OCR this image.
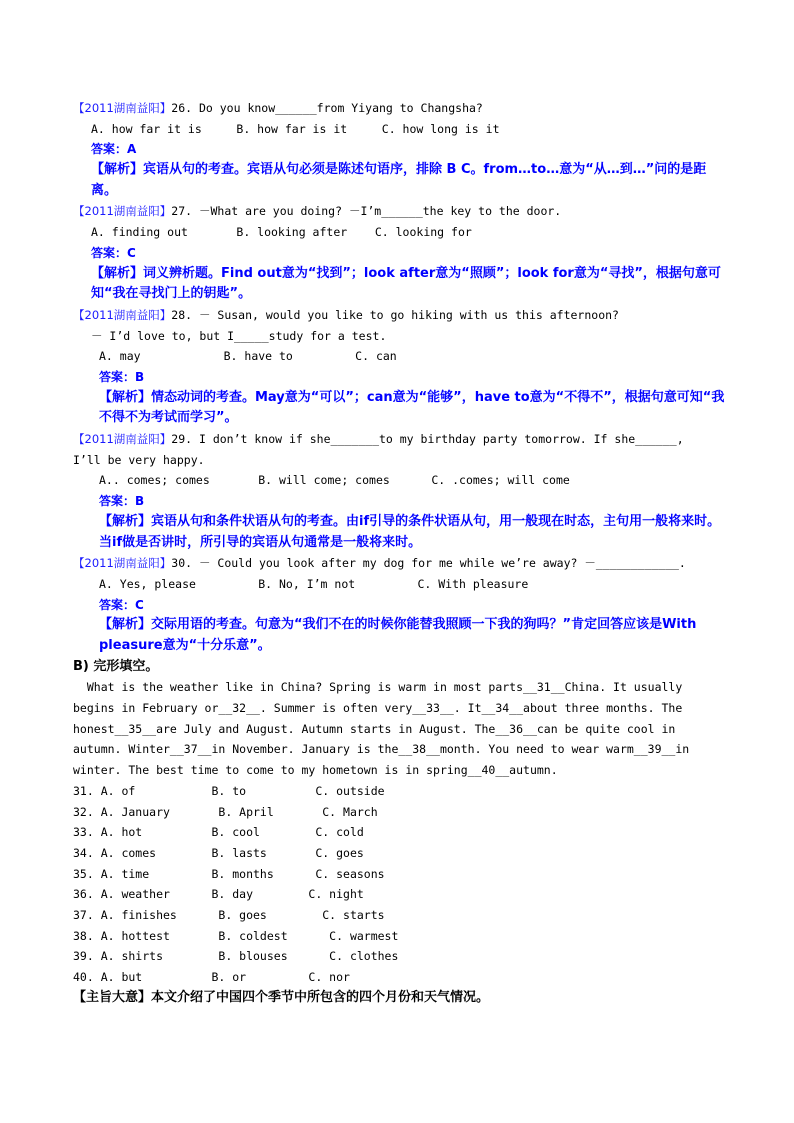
【2011湖南益阳】26. Do you know______from Yiyang to Changsha?
A. how far it is     B. how far is it     C. how long is it
答案：A
【解析】宾语从句的考查。宾语从句必须是陈述句语序，排除 B C。from…to…意为“从…到…”问的是距离。
【2011湖南益阳】27. －What are you doing? －I’m______the key to the door.
A. finding out       B. looking after    C. looking for
答案：C
【解析】词义辨析题。Find out意为“找到”；look after意为“照顾”；look for意为“寻找”，根据句意可知“我在寻找门上的钥匙”。
【2011湖南益阳】28. － Susan, would you like to go hiking with us this afternoon?
－ I’d love to, but I_____study for a test.
A. may            B. have to         C. can
答案：B
【解析】情态动词的考查。May意为“可以”；can意为“能够”，have to意为“不得不”，根据句意可知“我不得不为考试而学习”。
【2011湖南益阳】29. I don’t know if she_______to my birthday party tomorrow. If she______,
I’ll be very happy.
A.. comes; comes       B. will come; comes      C. .comes; will come
答案：B
【解析】宾语从句和条件状语从句的考查。由if引导的条件状语从句，用一般现在时态，主句用一般将来时。当if做是否讲时，所引导的宾语从句通常是一般将来时。
【2011湖南益阳】30. － Could you look after my dog for me while we’re away? －____________.
A. Yes, please         B. No, I’m not         C. With pleasure
答案：C
【解析】交际用语的考查。句意为“我们不在的时候你能替我照顾一下我的狗吗？”肯定回答应该是With pleasure意为“十分乐意”。
B) 完形填空。
What is the weather like in China? Spring is warm in most parts__31__China. It usually
begins in February or__32__. Summer is often very__33__. It__34__about three months. The
honest__35__are July and August. Autumn starts in August. The__36__can be quite cool in
autumn. Winter__37__in November. January is the__38__month. You need to wear warm__39__in
winter. The best time to come to my hometown is in spring__40__autumn.
31. A. of           B. to          C. outside
32. A. January       B. April       C. March
33. A. hot          B. cool        C. cold
34. A. comes        B. lasts       C. goes
35. A. time         B. months      C. seasons
36. A. weather      B. day        C. night
37. A. finishes      B. goes        C. starts
38. A. hottest       B. coldest      C. warmest
39. A. shirts        B. blouses      C. clothes
40. A. but          B. or         C. nor
【主旨大意】本文介绍了中国四个季节中所包含的四个月份和天气情况。
